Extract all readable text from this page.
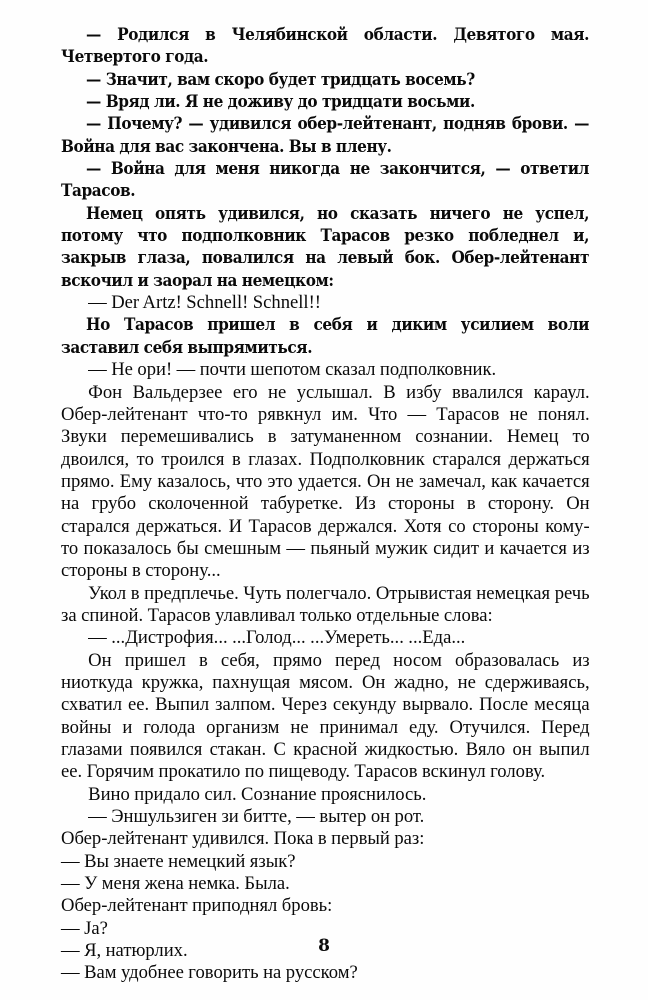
— Родился в Челябинской области. Девятого мая. Четвертого года.

— Значит, вам скоро будет тридцать восемь?

— Вряд ли. Я не доживу до тридцати восьми.

— Почему? — удивился обер-лейтенант, подняв брови. — Война для вас закончена. Вы в плену.

— Война для меня никогда не закончится, — ответил Тарасов.

Немец опять удивился, но сказать ничего не успел, потому что подполковник Тарасов резко побледнел и, закрыв глаза, повалился на левый бок. Обер-лейтенант вскочил и заорал на немецком:

— Der Artz! Schnell! Schnell!!

Но Тарасов пришел в себя и диким усилием воли заставил себя выпрямиться.

— Не ори! — почти шепотом сказал подполковник.

Фон Вальдерзее его не услышал. В избу ввалился караул. Обер-лейтенант что-то рявкнул им. Что — Тарасов не понял. Звуки перемешивались в затуманенном сознании. Немец то двоился, то троился в глазах. Подполковник старался держаться прямо. Ему казалось, что это удается. Он не замечал, как качается на грубо сколоченной табуретке. Из стороны в сторону. Он старался держаться. И Тарасов держался. Хотя со стороны кому-то показалось бы смешным — пьяный мужик сидит и качается из стороны в сторону...

Укол в предплечье. Чуть полегчало. Отрывистая немецкая речь за спиной. Тарасов улавливал только отдельные слова:

— ...Дистрофия... ...Голод... ...Умереть... ...Еда...

Он пришел в себя, прямо перед носом образовалась из ниоткуда кружка, пахнущая мясом. Он жадно, не сдерживаясь, схватил ее. Выпил залпом. Через секунду вырвало. После месяца войны и голода организм не принимал еду. Отучился. Перед глазами появился стакан. С красной жидкостью. Вяло он выпил ее. Горячим прокатило по пищеводу. Тарасов вскинул голову.

Вино придало сил. Сознание прояснилось.

— Эншульзиген зи битте, — вытер он рот.

Обер-лейтенант удивился. Пока в первый раз:

— Вы знаете немецкий язык?

— У меня жена немка. Была.

Обер-лейтенант приподнял бровь:

— Ja?

— Я, натюрлих.

— Вам удобнее говорить на русском?

8
